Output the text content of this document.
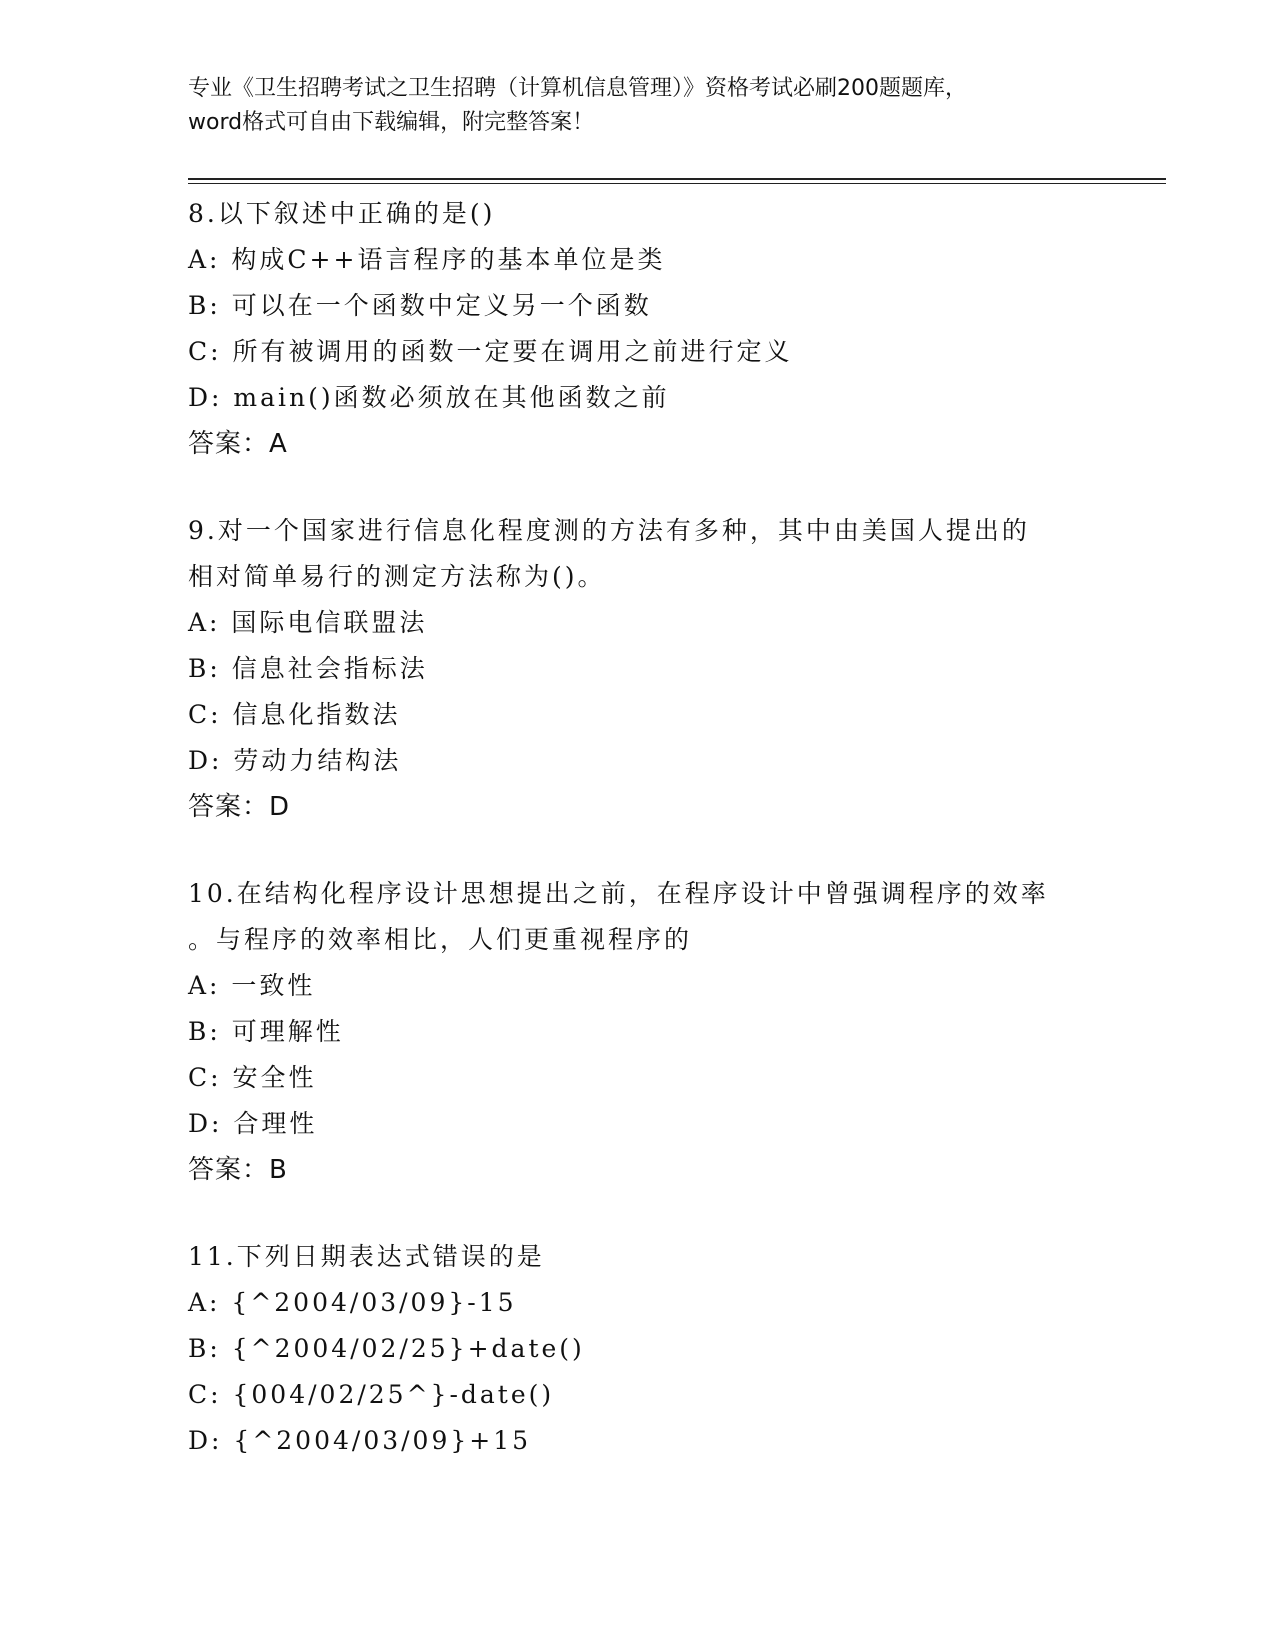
专业《卫生招聘考试之卫生招聘（计算机信息管理）》资格考试必刷200题题库，
word格式可自由下载编辑，附完整答案！
8.以下叙述中正确的是()
A: 构成C++语言程序的基本单位是类
B: 可以在一个函数中定义另一个函数
C: 所有被调用的函数一定要在调用之前进行定义
D: main()函数必须放在其他函数之前
答案：A
9.对一个国家进行信息化程度测的方法有多种，其中由美国人提出的
相对简单易行的测定方法称为()。
A: 国际电信联盟法
B: 信息社会指标法
C: 信息化指数法
D: 劳动力结构法
答案：D
10.在结构化程序设计思想提出之前，在程序设计中曾强调程序的效率
。与程序的效率相比，人们更重视程序的
A: 一致性
B: 可理解性
C: 安全性
D: 合理性
答案：B
11.下列日期表达式错误的是
A: {^2004/03/09}-15
B: {^2004/02/25}+date()
C: {004/02/25^}-date()
D: {^2004/03/09}+15
